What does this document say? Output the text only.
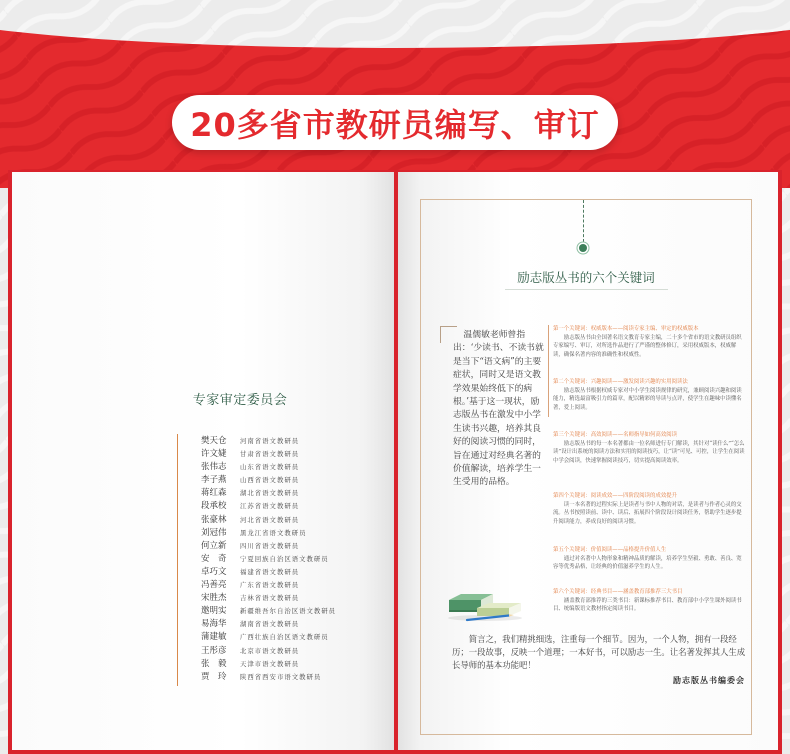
20多省市教研员编写、审订
专家审定委员会
樊天仓 河南省语文教研员
许文婕 甘肃省语文教研员
张伟志 山东省语文教研员
李子燕 山西省语文教研员
蒋红森 湖北省语文教研员
段承校 江苏省语文教研员
张豪林 河北省语文教研员
刘冠伟 黑龙江省语文教研员
何立新 四川省语文教研员
安　奇 宁夏回族自治区语文教研员
卓巧文 福建省语文教研员
冯善亮 广东省语文教研员
宋胜杰 吉林省语文教研员
邀明实 新疆维吾尔自治区语文教研员
易海华 湖南省语文教研员
蒲建敏 广西壮族自治区语文教研员
王彤彦 北京市语文教研员
张　毅 天津市语文教研员
贾　玲 陕西省西安市语文教研员
励志版丛书的六个关键词

温儒敏老师曾指出：‘少读书、不读书就是当下“语文病”的主要症状，同时又是语文教学效果始终低下的病根。’基于这一现状，励志版丛书在激发中小学生读书兴趣，培养其良好的阅读习惯的同时，旨在通过对经典名著的价值解读，培养学生一生受用的品格。

第一个关键词：权威版本——阅读专家主编、审定的权威版本

励志版丛书由全国著名语文教育专家主编，二十多个省市的语文教研员组织专家编写、审订，对所选作品进行了严谨的整体修订，采用权威版本，权威解读，确保名著内容的准确性和权威性。

第二个关键词：兴趣阅读——激发阅读兴趣的实用阅读法

励志版丛书根据权威专家对中小学生阅读规律的研究，兼顾阅读兴趣和阅读能力，精选最富吸引力的篇章，配以精彩的导读与点评，使学生在趣味中读懂名著，爱上阅读。

第三个关键词：高效阅读——名师指导如何高效阅读

励志版丛书的每一本名著都由一位名师进行专门解读，其针对“读什么”“怎么读”设计出系统的阅读方法和实用的阅读技巧，让“读”可见、可控，让学生在阅读中学会阅读，快速掌握阅读技巧，切实提高阅读效率。

第四个关键词：阅读成效——四阶段阅读的成效提升

读一本名著的过程实际上是读者与书中人物的对话，是读者与作者心灵的交流。丛书按照读前、读中、读后、拓展四个阶段设计阅读任务，帮助学生逐步提升阅读能力，养成良好的阅读习惯。

第五个关键词：价值阅读——品格提升价值人生

通过对名著中人物形象和精神品质的解读，培养学生坚毅、勇敢、善良、宽容等优秀品格，让经典的价值滋养学生的人生。

第六个关键词：经典书目——涵盖教育部推荐三大书目

涵盖教育部推荐的三类书目：新课标推荐书目、教育部中小学生课外阅读书目、统编版语文教材指定阅读书目。

简言之，我们精挑细选，注重每一个细节。因为，一个人物，拥有一段经历；一段故事，反映一个道理；一本好书，可以励志一生。让名著发挥其人生成长导师的基本功能吧！

励志版丛书编委会
